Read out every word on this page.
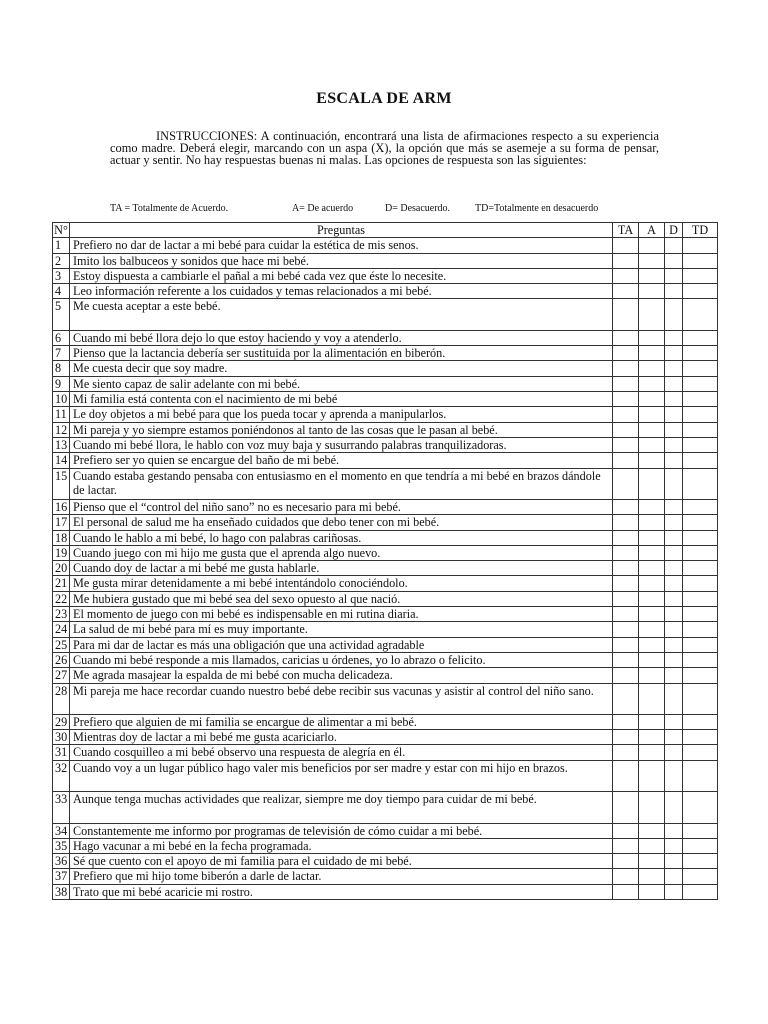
ESCALA DE ARM

INSTRUCCIONES: A continuación, encontrará una lista de afirmaciones respecto a su experiencia como madre. Deberá elegir, marcando con un aspa (X), la opción que más se asemeje a su forma de pensar, actuar y sentir. No hay respuestas buenas ni malas. Las opciones de respuesta son las siguientes:

TA = Totalmente de Acuerdo.	A= De acuerdo	D= Desacuerdo. TD=Totalmente en desacuerdo
N°	Preguntas	TA	A	D	TD
1	Prefiero no dar de lactar a mi bebé para cuidar la estética de mis senos.				
2	Imito los balbuceos y sonidos que hace mi bebé.				
3	Estoy dispuesta a cambiarle el pañal a mi bebé cada vez que éste lo necesite.				
4	Leo información referente a los cuidados y temas relacionados a mi bebé.				
5	Me cuesta aceptar a este bebé.				
6	Cuando mi bebé llora dejo lo que estoy haciendo y voy a atenderlo.				
7	Pienso que la lactancia debería ser sustituida por la alimentación en biberón.				
8	Me cuesta decir que soy madre.				
9	Me siento capaz de salir adelante con mi bebé.				
10	Mi familia está contenta con el nacimiento de mi bebé				
11	Le doy objetos a mi bebé para que los pueda tocar y aprenda a manipularlos.				
12	Mi pareja y yo siempre estamos poniéndonos al tanto de las cosas que le pasan al bebé.				
13	Cuando mi bebé llora, le hablo con voz muy baja y susurrando palabras tranquilizadoras.				
14	Prefiero ser yo quien se encargue del baño de mi bebé.				
15	Cuando estaba gestando pensaba con entusiasmo en el momento en que tendría a mi bebé en brazos dándole de lactar.				
16	Pienso que el “control del niño sano” no es necesario para mi bebé.				
17	El personal de salud me ha enseñado cuidados que debo tener con mi bebé.				
18	Cuando le hablo a mi bebé, lo hago con palabras cariñosas.				
19	Cuando juego con mi hijo me gusta que el aprenda algo nuevo.				
20	Cuando doy de lactar a mi bebé me gusta hablarle.				
21	Me gusta mirar detenidamente a mi bebé intentándolo conociéndolo.				
22	Me hubiera gustado que mi bebé sea del sexo opuesto al que nació.				
23	El momento de juego con mi bebé es indispensable en mi rutina diaria.				
24	La salud de mi bebé para mí es muy importante.				
25	Para mi dar de lactar es más una obligación que una actividad agradable				
26	Cuando mi bebé responde a mis llamados, caricias u órdenes, yo lo abrazo o felicito.				
27	Me agrada masajear la espalda de mi bebé con mucha delicadeza.				
28	Mi pareja me hace recordar cuando nuestro bebé debe recibir sus vacunas y asistir al control del niño sano.				
29	Prefiero que alguien de mi familia se encargue de alimentar a mi bebé.				
30	Mientras doy de lactar a mi bebé me gusta acariciarlo.				
31	Cuando cosquilleo a mi bebé observo una respuesta de alegría en él.				
32	Cuando voy a un lugar público hago valer mis beneficios por ser madre y estar con mi hijo en brazos.				
33	Aunque tenga muchas actividades que realizar, siempre me doy tiempo para cuidar de mi bebé.				
34	Constantemente me informo por programas de televisión de cómo cuidar a mi bebé.				
35	Hago vacunar a mi bebé en la fecha programada.				
36	Sé que cuento con el apoyo de mi familia para el cuidado de mi bebé.				
37	Prefiero que mi hijo tome biberón a darle de lactar.				
38	Trato que mi bebé acaricie mi rostro.				
